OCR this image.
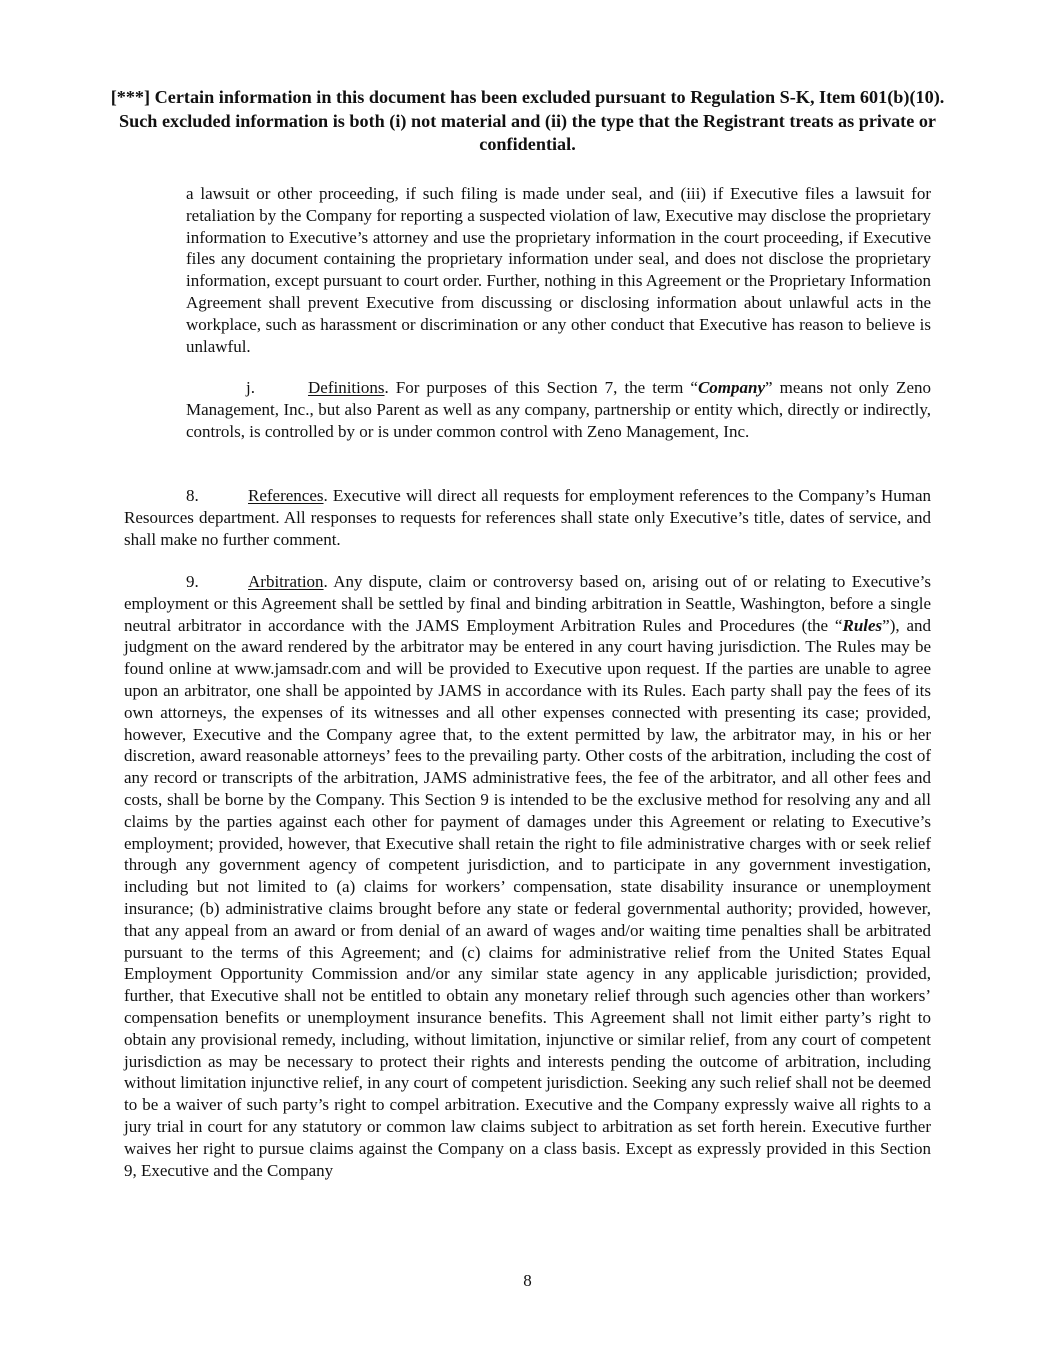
[***] Certain information in this document has been excluded pursuant to Regulation S-K, Item 601(b)(10). Such excluded information is both (i) not material and (ii) the type that the Registrant treats as private or confidential.

a lawsuit or other proceeding, if such filing is made under seal, and (iii) if Executive files a lawsuit for retaliation by the Company for reporting a suspected violation of law, Executive may disclose the proprietary information to Executive’s attorney and use the proprietary information in the court proceeding, if Executive files any document containing the proprietary information under seal, and does not disclose the proprietary information, except pursuant to court order. Further, nothing in this Agreement or the Proprietary Information Agreement shall prevent Executive from discussing or disclosing information about unlawful acts in the workplace, such as harassment or discrimination or any other conduct that Executive has reason to believe is unlawful.

j.	Definitions. For purposes of this Section 7, the term “Company” means not only Zeno Management, Inc., but also Parent as well as any company, partnership or entity which, directly or indirectly, controls, is controlled by or is under common control with Zeno Management, Inc.

8.	References. Executive will direct all requests for employment references to the Company’s Human Resources department. All responses to requests for references shall state only Executive’s title, dates of service, and shall make no further comment.

9.	Arbitration. Any dispute, claim or controversy based on, arising out of or relating to Executive’s employment or this Agreement shall be settled by final and binding arbitration in Seattle, Washington, before a single neutral arbitrator in accordance with the JAMS Employment Arbitration Rules and Procedures (the “Rules”), and judgment on the award rendered by the arbitrator may be entered in any court having jurisdiction. The Rules may be found online at www.jamsadr.com and will be provided to Executive upon request. If the parties are unable to agree upon an arbitrator, one shall be appointed by JAMS in accordance with its Rules. Each party shall pay the fees of its own attorneys, the expenses of its witnesses and all other expenses connected with presenting its case; provided, however, Executive and the Company agree that, to the extent permitted by law, the arbitrator may, in his or her discretion, award reasonable attorneys’ fees to the prevailing party. Other costs of the arbitration, including the cost of any record or transcripts of the arbitration, JAMS administrative fees, the fee of the arbitrator, and all other fees and costs, shall be borne by the Company. This Section 9 is intended to be the exclusive method for resolving any and all claims by the parties against each other for payment of damages under this Agreement or relating to Executive’s employment; provided, however, that Executive shall retain the right to file administrative charges with or seek relief through any government agency of competent jurisdiction, and to participate in any government investigation, including but not limited to (a) claims for workers’ compensation, state disability insurance or unemployment insurance; (b) administrative claims brought before any state or federal governmental authority; provided, however, that any appeal from an award or from denial of an award of wages and/or waiting time penalties shall be arbitrated pursuant to the terms of this Agreement; and (c) claims for administrative relief from the United States Equal Employment Opportunity Commission and/or any similar state agency in any applicable jurisdiction; provided, further, that Executive shall not be entitled to obtain any monetary relief through such agencies other than workers’ compensation benefits or unemployment insurance benefits. This Agreement shall not limit either party’s right to obtain any provisional remedy, including, without limitation, injunctive or similar relief, from any court of competent jurisdiction as may be necessary to protect their rights and interests pending the outcome of arbitration, including without limitation injunctive relief, in any court of competent jurisdiction. Seeking any such relief shall not be deemed to be a waiver of such party’s right to compel arbitration. Executive and the Company expressly waive all rights to a jury trial in court for any statutory or common law claims subject to arbitration as set forth herein. Executive further waives her right to pursue claims against the Company on a class basis. Except as expressly provided in this Section 9, Executive and the Company

8
